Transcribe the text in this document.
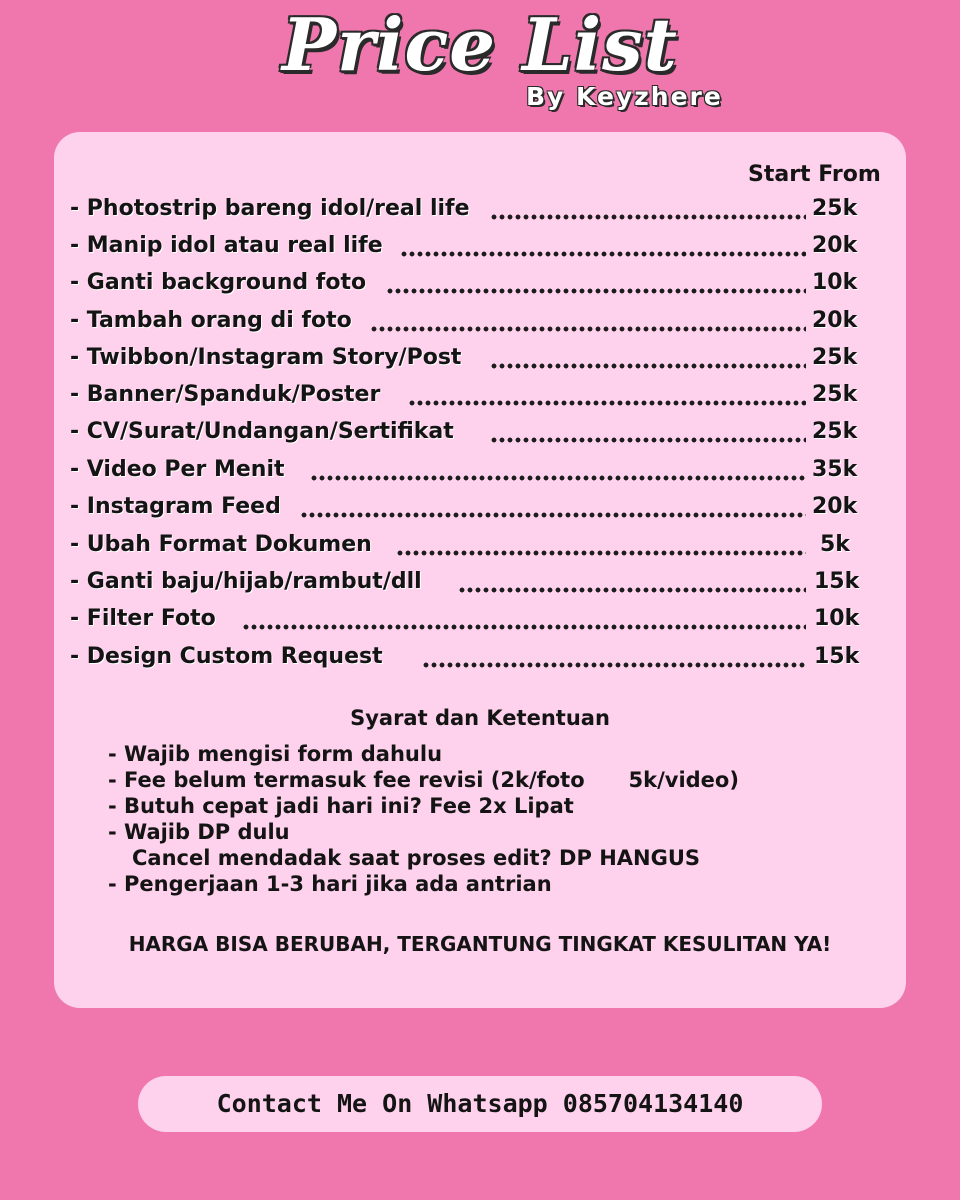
Price List
By Keyzhere
Start From
- Photostrip bareng idol/real life	25k
- Manip idol atau real life	20k
- Ganti background foto	10k
- Tambah orang di foto	20k
- Twibbon/Instagram Story/Post	25k
- Banner/Spanduk/Poster	25k
- CV/Surat/Undangan/Sertifikat	25k
- Video Per Menit	35k
- Instagram Feed	20k
- Ubah Format Dokumen	5k
- Ganti baju/hijab/rambut/dll	15k
- Filter Foto	10k
- Design Custom Request	15k
Syarat dan Ketentuan
- Wajib mengisi form dahulu
- Fee belum termasuk fee revisi (2k/foto      5k/video)
- Butuh cepat jadi hari ini? Fee 2x Lipat
- Wajib DP dulu
Cancel mendadak saat proses edit? DP HANGUS
- Pengerjaan 1-3 hari jika ada antrian
HARGA BISA BERUBAH, TERGANTUNG TINGKAT KESULITAN YA!
Contact Me On Whatsapp 085704134140
